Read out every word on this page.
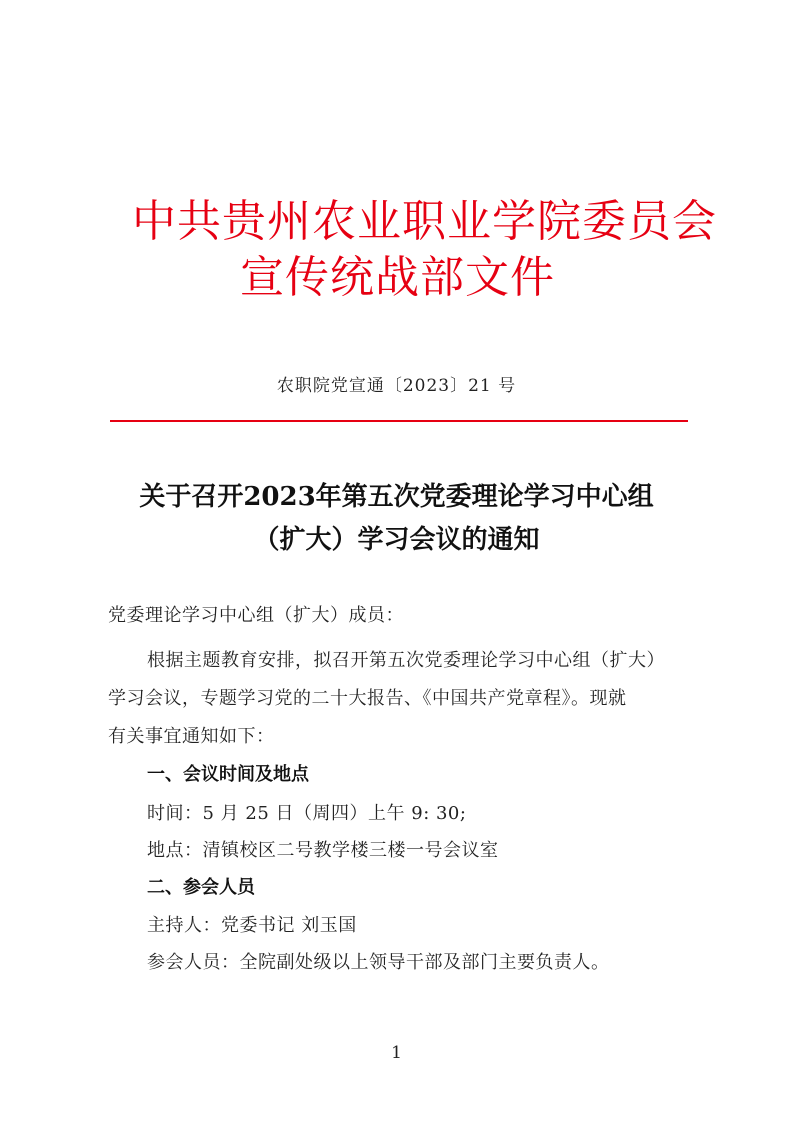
中共贵州农业职业学院委员会
宣传统战部文件
农职院党宣通〔2023〕21 号
关于召开2023年第五次党委理论学习中心组
（扩大）学习会议的通知
党委理论学习中心组（扩大）成员：
根据主题教育安排，拟召开第五次党委理论学习中心组（扩大）
学习会议，专题学习党的二十大报告、《中国共产党章程》。现就
有关事宜通知如下：
一、会议时间及地点
时间：5 月 25 日（周四）上午 9: 30;
地点：清镇校区二号教学楼三楼一号会议室
二、参会人员
主持人：党委书记 刘玉国
参会人员：全院副处级以上领导干部及部门主要负责人。
1
